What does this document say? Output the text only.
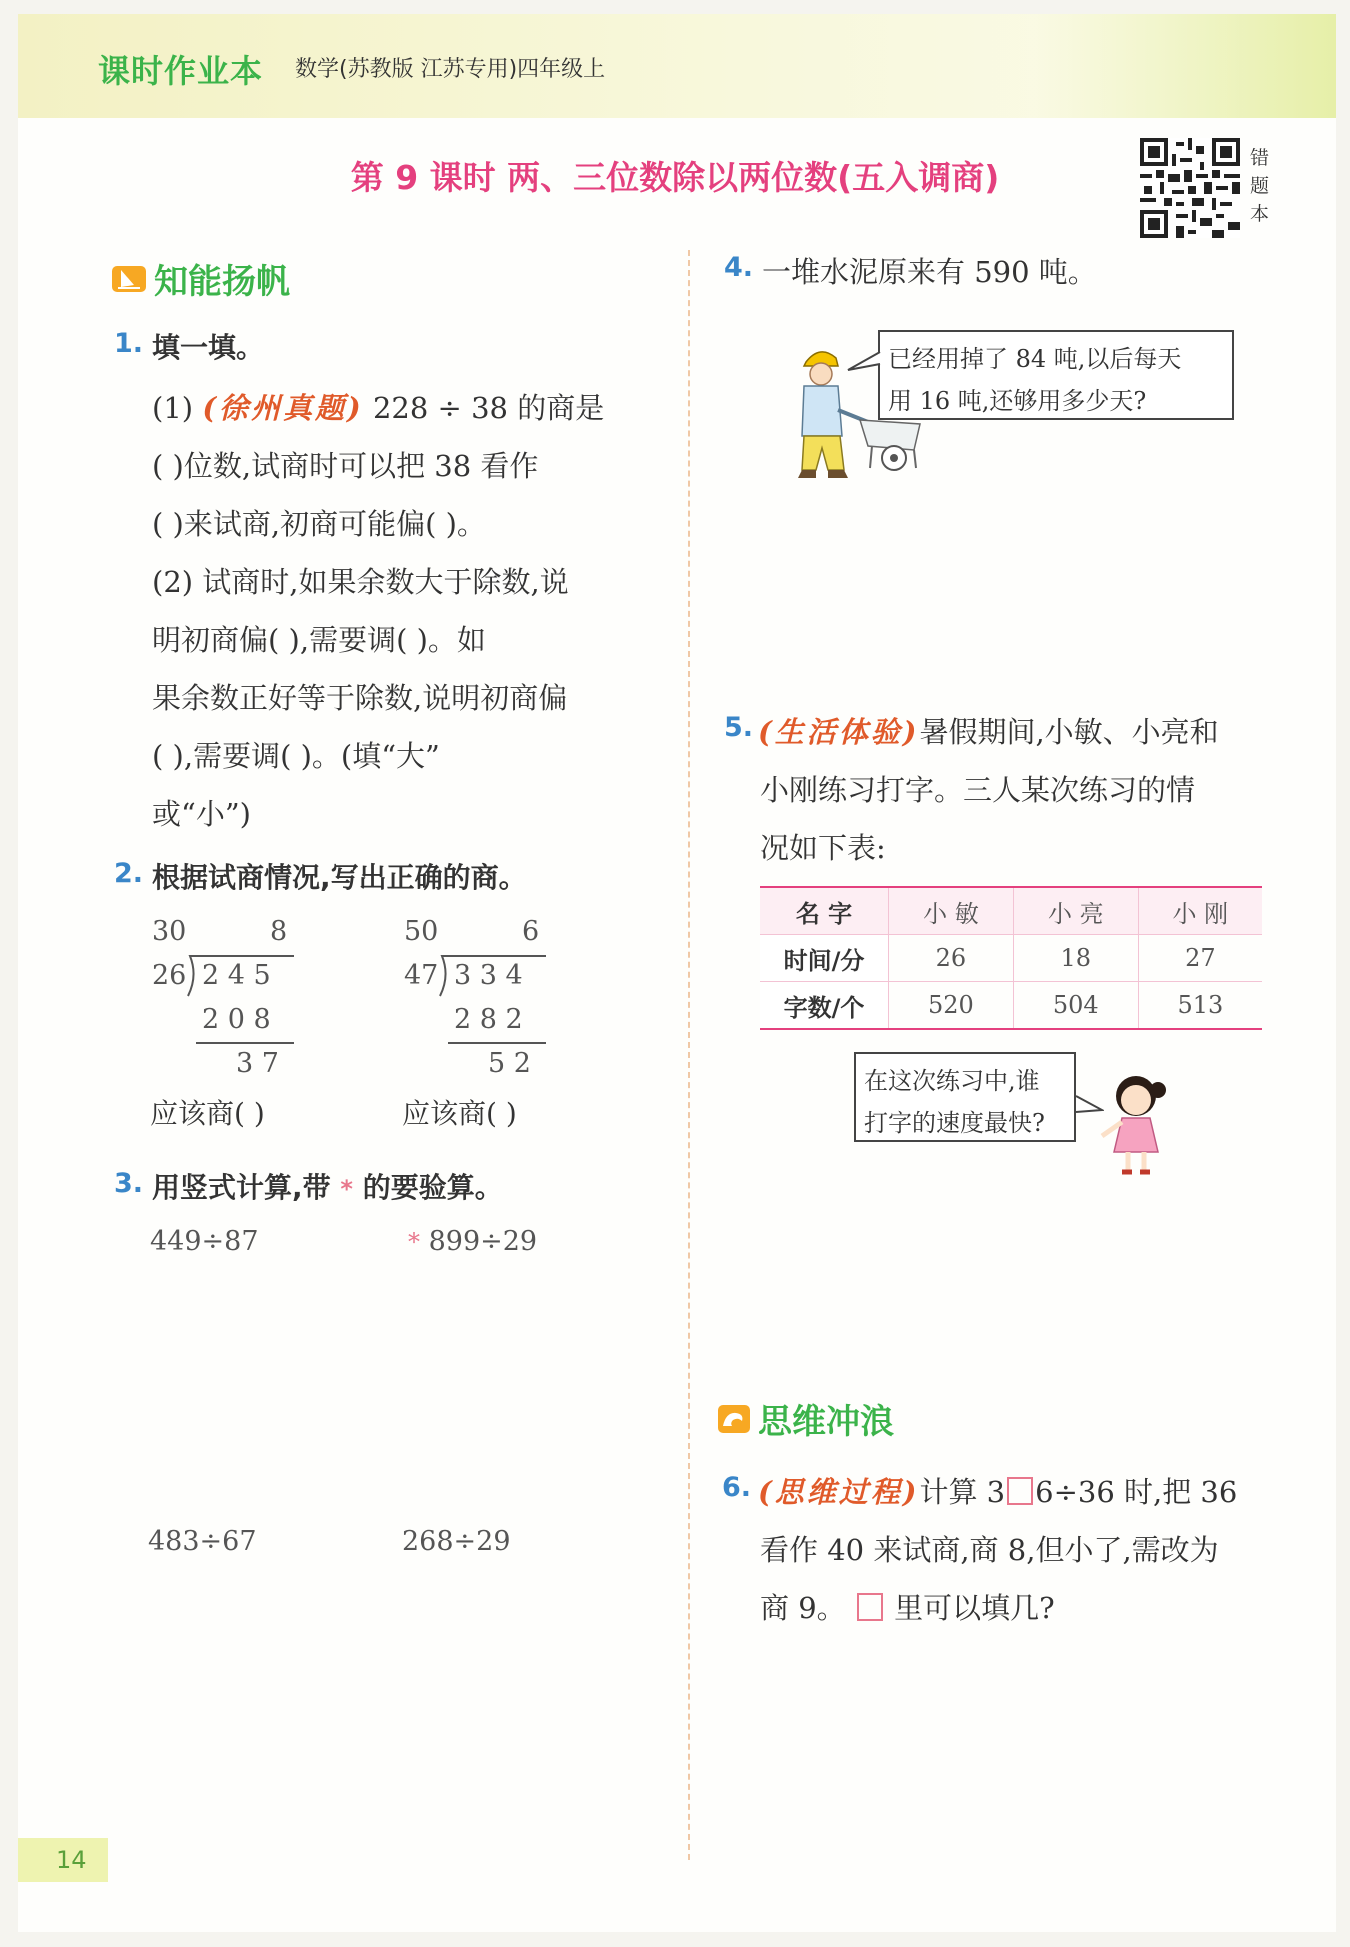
课时作业本 数学(苏教版 江苏专用)四年级上
第 9 课时 两、三位数除以两位数(五入调商)	错
题
本
知能扬帆
1. 填一填。
(1) (徐州真题) 228 ÷ 38 的商是
( )位数,试商时可以把 38 看作
( )来试商,初商可能偏( )。
(2) 试商时,如果余数大于除数,说
明初商偏( ),需要调( )。如
果余数正好等于除数,说明初商偏
( ),需要调( )。(填“大”
或“小”)
2. 根据试商情况,写出正确的商。
30	8
26 2 4 5
2 0 8
3 7
应该商( )
50	6
47 3 3 4
2 8 2
5 2
应该商( )
3. 用竖式计算,带 * 的要验算。
449÷87	* 899÷29
483÷67	268÷29
4. 一堆水泥原来有 590 吨。
已经用掉了 84 吨,以后每天
用 16 吨,还够用多少天?
5. (生活体验)暑假期间,小敏、小亮和
小刚练习打字。三人某次练习的情
况如下表:
名 字	小 敏	小 亮	小 刚
时间/分	26	18	27
字数/个	520	504	513
在这次练习中,谁
打字的速度最快?
思维冲浪
6. (思维过程)计算 3 6÷36 时,把 36
看作 40 来试商,商 8,但小了,需改为
商 9。 里可以填几?
14
